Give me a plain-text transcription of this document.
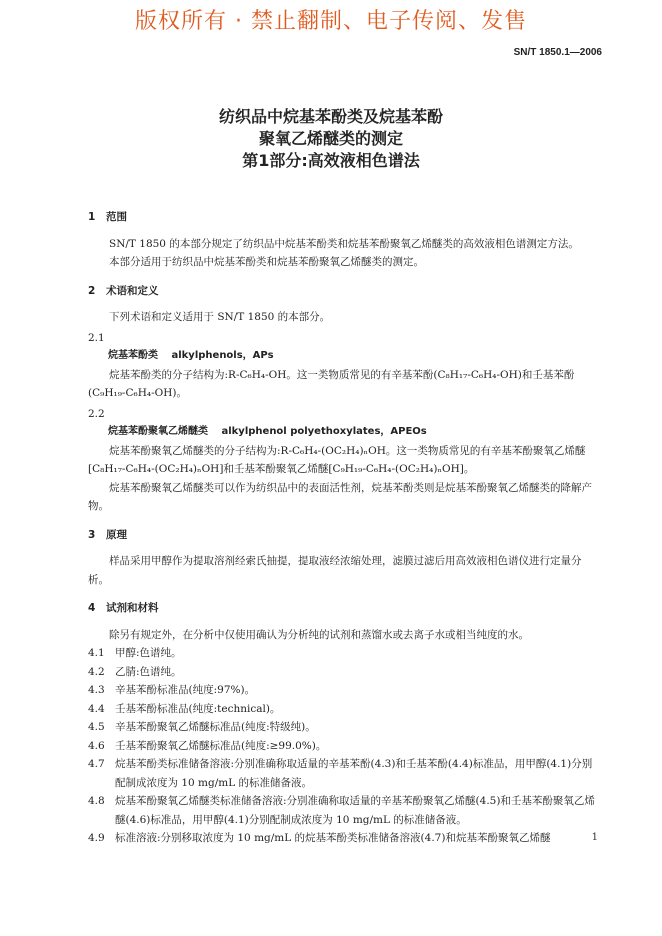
版权所有 · 禁止翻制、电子传阅、发售
SN/T 1850.1—2006
纺织品中烷基苯酚类及烷基苯酚
聚氧乙烯醚类的测定
第1部分:高效液相色谱法

1 范围

SN/T 1850 的本部分规定了纺织品中烷基苯酚类和烷基苯酚聚氧乙烯醚类的高效液相色谱测定方法。

本部分适用于纺织品中烷基苯酚类和烷基苯酚聚氧乙烯醚类的测定。

2 术语和定义

下列术语和定义适用于 SN/T 1850 的本部分。

2.1

烷基苯酚类　 alkylphenols，APs

烷基苯酚类的分子结构为:R-C₆H₄-OH。这一类物质常见的有辛基苯酚(C₈H₁₇-C₆H₄-OH)和壬基苯酚(C₉H₁₉-C₆H₄-OH)。

2.2

烷基苯酚聚氧乙烯醚类　 alkylphenol polyethoxylates，APEOs

烷基苯酚聚氧乙烯醚类的分子结构为:R-C₆H₄-(OC₂H₄)ₙOH。这一类物质常见的有辛基苯酚聚氧乙烯醚[C₈H₁₇-C₆H₄-(OC₂H₄)ₙOH]和壬基苯酚聚氧乙烯醚[C₉H₁₉-C₆H₄-(OC₂H₄)ₙOH]。

烷基苯酚聚氧乙烯醚类可以作为纺织品中的表面活性剂，烷基苯酚类则是烷基苯酚聚氧乙烯醚类的降解产物。

3 原理

样品采用甲醇作为提取溶剂经索氏抽提，提取液经浓缩处理，滤膜过滤后用高效液相色谱仪进行定量分析。

4 试剂和材料

除另有规定外，在分析中仅使用确认为分析纯的试剂和蒸馏水或去离子水或相当纯度的水。

4.1 甲醇:色谱纯。
4.2 乙腈:色谱纯。
4.3 辛基苯酚标准品(纯度:97%)。
4.4 壬基苯酚标准品(纯度:technical)。
4.5 辛基苯酚聚氧乙烯醚标准品(纯度:特级纯)。
4.6 壬基苯酚聚氧乙烯醚标准品(纯度:≥99.0%)。
4.7 烷基苯酚类标准储备溶液:分别准确称取适量的辛基苯酚(4.3)和壬基苯酚(4.4)标准品，用甲醇(4.1)分别配制成浓度为 10 mg/mL 的标准储备液。
4.8 烷基苯酚聚氧乙烯醚类标准储备溶液:分别准确称取适量的辛基苯酚聚氧乙烯醚(4.5)和壬基苯酚聚氧乙烯醚(4.6)标准品，用甲醇(4.1)分别配制成浓度为 10 mg/mL 的标准储备液。
4.9 标准溶液:分别移取浓度为 10 mg/mL 的烷基苯酚类标准储备溶液(4.7)和烷基苯酚聚氧乙烯醚	1
